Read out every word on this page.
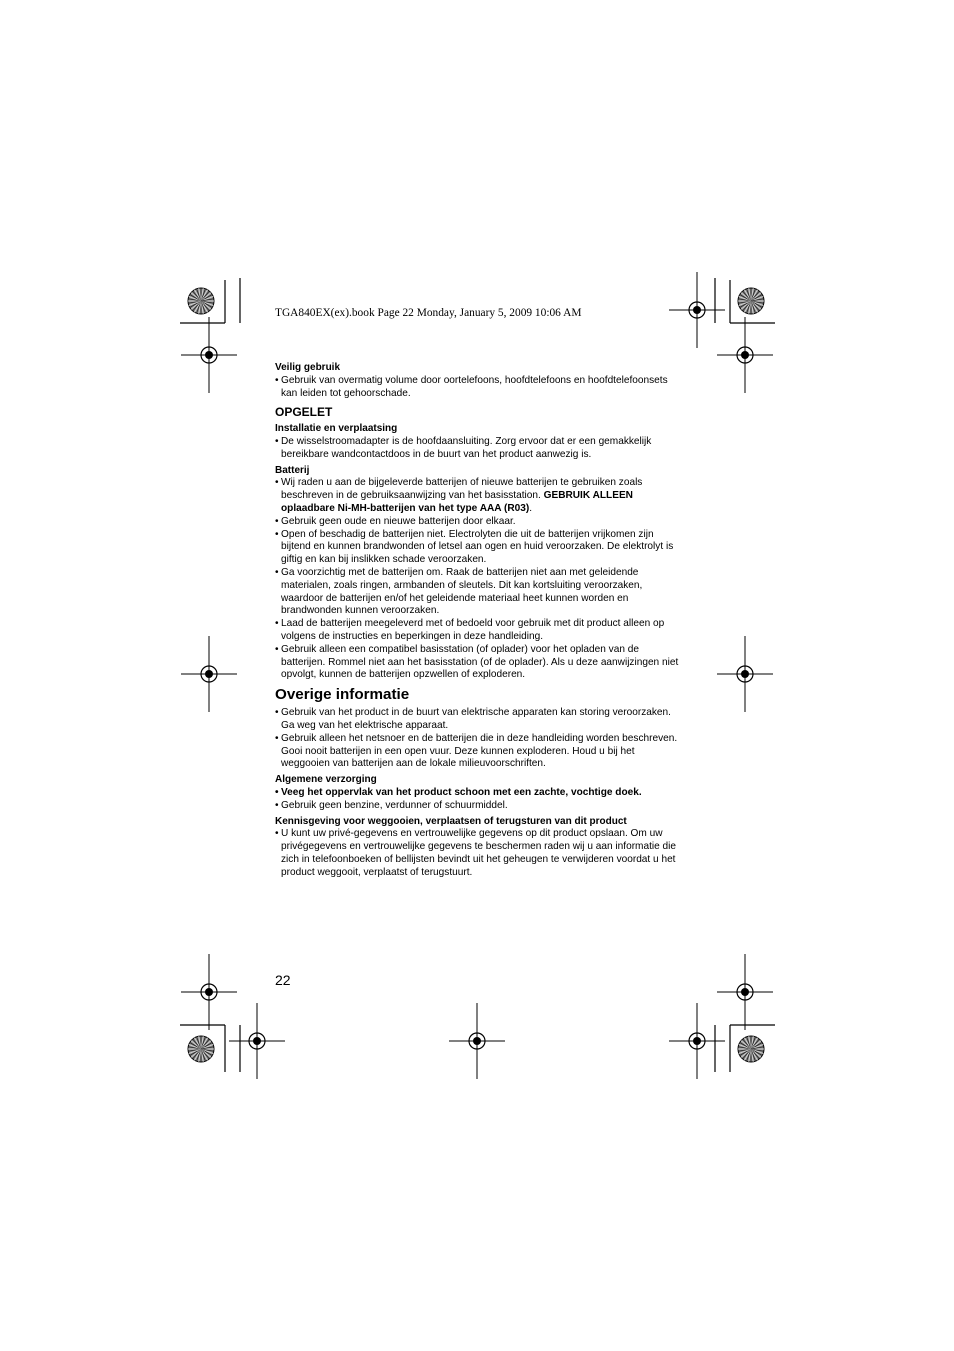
TGA840EX(ex).book Page 22 Monday, January 5, 2009 10:06 AM

Veilig gebruik

• Gebruik van overmatig volume door oortelefoons, hoofdtelefoons en hoofdtelefoonsets kan leiden tot gehoorschade.

OPGELET

Installatie en verplaatsing

• De wisselstroomadapter is de hoofdaansluiting. Zorg ervoor dat er een gemakkelijk bereikbare wandcontactdoos in de buurt van het product aanwezig is.

Batterij

• Wij raden u aan de bijgeleverde batterijen of nieuwe batterijen te gebruiken zoals beschreven in de gebruiksaanwijzing van het basisstation. GEBRUIK ALLEEN oplaadbare Ni-MH-batterijen van het type AAA (R03).
• Gebruik geen oude en nieuwe batterijen door elkaar.
• Open of beschadig de batterijen niet. Electrolyten die uit de batterijen vrijkomen zijn bijtend en kunnen brandwonden of letsel aan ogen en huid veroorzaken. De elektrolyt is giftig en kan bij inslikken schade veroorzaken.
• Ga voorzichtig met de batterijen om. Raak de batterijen niet aan met geleidende materialen, zoals ringen, armbanden of sleutels. Dit kan kortsluiting veroorzaken, waardoor de batterijen en/of het geleidende materiaal heet kunnen worden en brandwonden kunnen veroorzaken.
• Laad de batterijen meegeleverd met of bedoeld voor gebruik met dit product alleen op volgens de instructies en beperkingen in deze handleiding.
• Gebruik alleen een compatibel basisstation (of oplader) voor het opladen van de batterijen. Rommel niet aan het basisstation (of de oplader). Als u deze aanwijzingen niet opvolgt, kunnen de batterijen opzwellen of exploderen.

Overige informatie

• Gebruik van het product in de buurt van elektrische apparaten kan storing veroorzaken. Ga weg van het elektrische apparaat.
• Gebruik alleen het netsnoer en de batterijen die in deze handleiding worden beschreven. Gooi nooit batterijen in een open vuur. Deze kunnen exploderen. Houd u bij het weggooien van batterijen aan de lokale milieuvoorschriften.

Algemene verzorging

• Veeg het oppervlak van het product schoon met een zachte, vochtige doek.
• Gebruik geen benzine, verdunner of schuurmiddel.

Kennisgeving voor weggooien, verplaatsen of terugsturen van dit product

• U kunt uw privé-gegevens en vertrouwelijke gegevens op dit product opslaan. Om uw privégegevens en vertrouwelijke gegevens te beschermen raden wij u aan informatie die zich in telefoonboeken of bellijsten bevindt uit het geheugen te verwijderen voordat u het product weggooit, verplaatst of terugstuurt.
22
